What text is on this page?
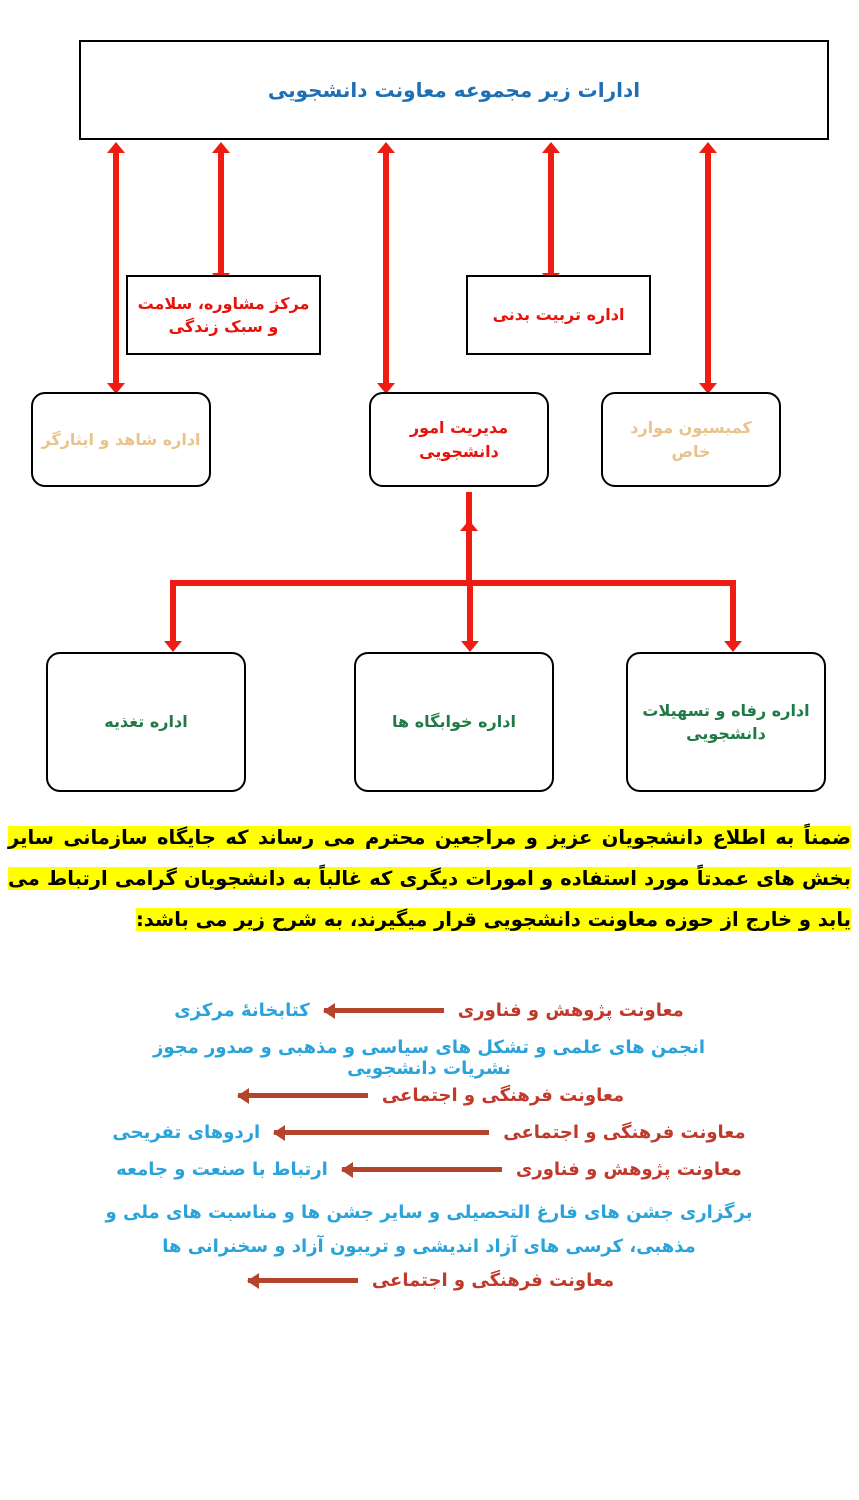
ادارات زیر مجموعه معاونت دانشجویی
مرکز مشاوره، سلامت و سبک زندگی
اداره تربیت بدنی
اداره شاهد و ایثارگر
مدیریت امور دانشجویی
کمیسیون موارد خاص
اداره تغذیه	اداره خوابگاه ها
اداره رفاه و تسهیلات دانشجویی
ضمناً به اطلاع دانشجویان عزیز و مراجعین محترم می رساند که جایگاه سازمانی سایر بخش های عمدتاً مورد استفاده و امورات دیگری که غالباً به دانشجویان گرامی ارتباط می یابد و خارج از حوزه معاونت دانشجویی قرار میگیرند، به شرح زیر می باشد:
معاونت پژوهش و فناوری
کتابخانهٔ مرکزی
انجمن های علمی و تشکل های سیاسی و مذهبی و صدور مجوز نشریات دانشجویی
معاونت فرهنگی و اجتماعی
معاونت فرهنگی و اجتماعی
اردوهای تفریحی
معاونت پژوهش و فناوری
ارتباط با صنعت و جامعه
برگزاری جشن های فارغ التحصیلی و سایر جشن ها و مناسبت های ملی و مذهبی، کرسی های آزاد اندیشی و تریبون آزاد و سخنرانی ها
معاونت فرهنگی و اجتماعی
